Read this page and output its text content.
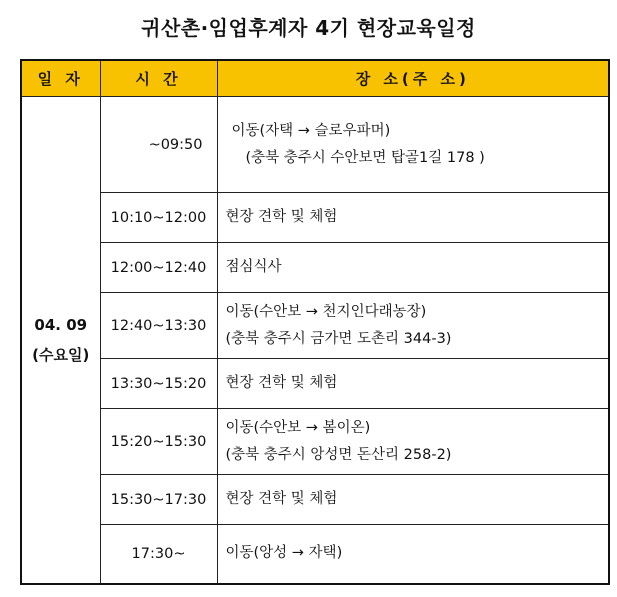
귀산촌·임업후계자 4기 현장교육일정
일 자	시 간	장 소(주 소)

04. 09
(수요일)	~09:50	이동(자택 → 슬로우파머)
(충북 충주시 수안보면 탑골1길 178 )

	10:10~12:00	현장 견학 및 체험
	12:00~12:40	점심식사
	12:40~13:30	이동(수안보 → 천지인다래농장)
(충북 충주시 금가면 도촌리 344-3)

	13:30~15:20	현장 견학 및 체험
	15:20~15:30	이동(수안보 → 봄이온)
(충북 충주시 앙성면 돈산리 258-2)

	15:30~17:30	현장 견학 및 체험
	17:30~	이동(앙성 → 자택)
